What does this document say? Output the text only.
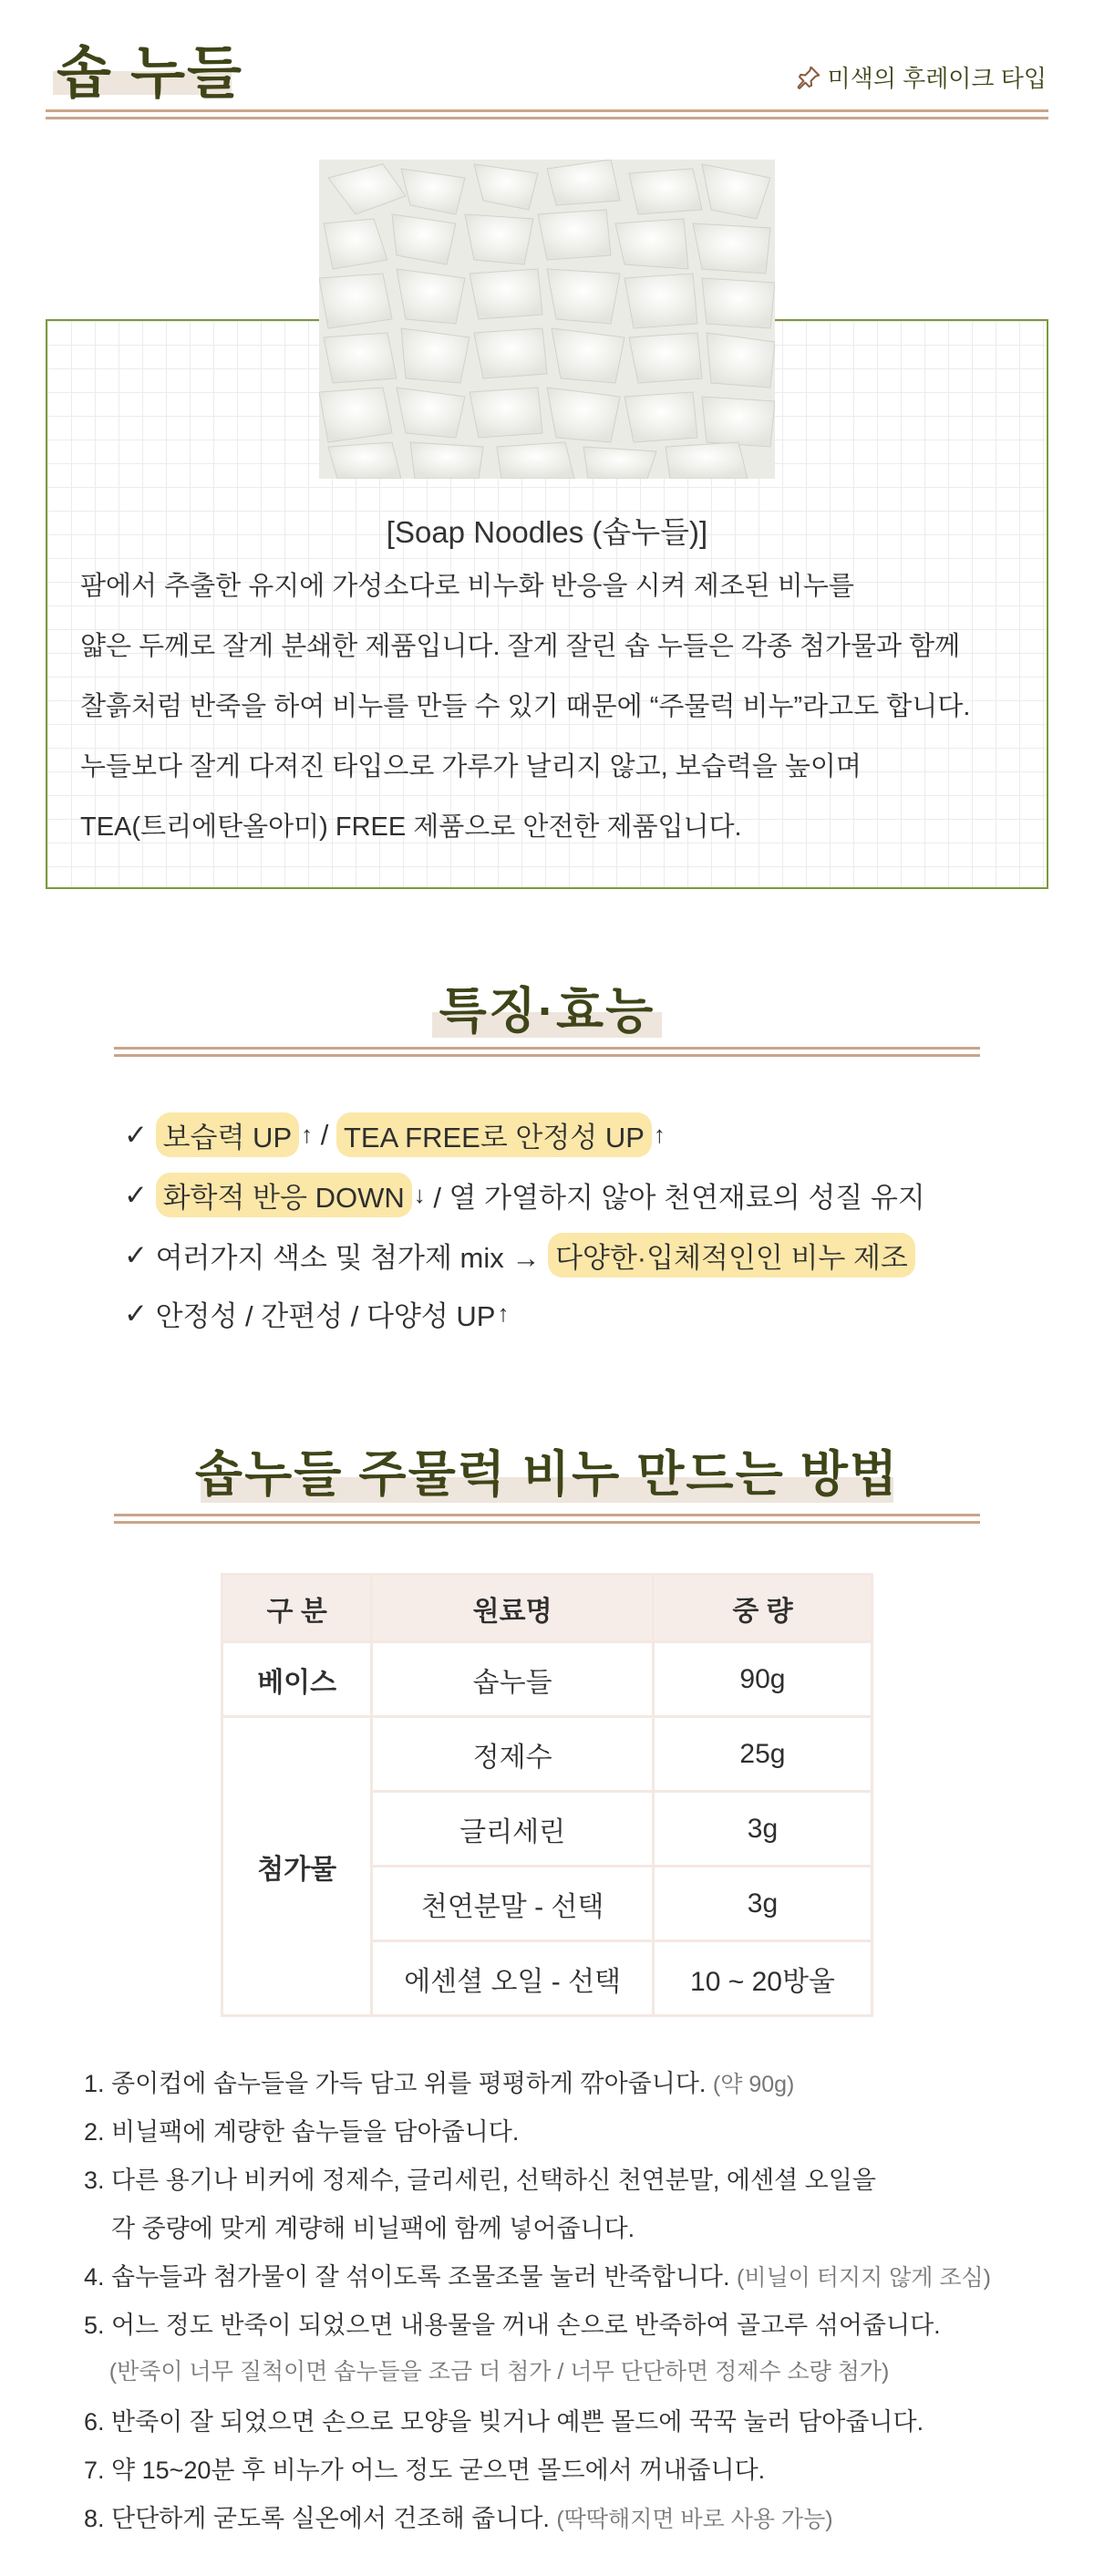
솝 누들	미색의 후레이크 타입
[Soap Noodles (솝누들)]
팜에서 추출한 유지에 가성소다로 비누화 반응을 시켜 제조된 비누를
얇은 두께로 잘게 분쇄한 제품입니다. 잘게 잘린 솝 누들은 각종 첨가물과 함께
찰흙처럼 반죽을 하여 비누를 만들 수 있기 때문에 “주물럭 비누”라고도 합니다.
누들보다 잘게 다져진 타입으로 가루가 날리지 않고, 보습력을 높이며
TEA(트리에탄올아미) FREE 제품으로 안전한 제품입니다.
특징·효능
✓
보습력 UP ↑ / TEA FREE로 안정성 UP ↑
✓
화학적 반응 DOWN ↓ / 열 가열하지 않아 천연재료의 성질 유지
✓
여러가지 색소 및 첨가제 mix → 다양한·입체적인인 비누 제조
✓
안정성 / 간편성 / 다양성 UP ↑
솝누들 주물럭 비누 만드는 방법
구 분	원료명	중 량
베이스	솝누들	90g
첨가물	정제수	25g
	글리세린	3g
	천연분말 - 선택	3g
	에센셜 오일 - 선택	10 ~ 20방울
1. 종이컵에 솝누들을 가득 담고 위를 평평하게 깎아줍니다. (약 90g)
2. 비닐팩에 계량한 솝누들을 담아줍니다.
3. 다른 용기나 비커에 정제수, 글리세린, 선택하신 천연분말, 에센셜 오일을
각 중량에 맞게 계량해 비닐팩에 함께 넣어줍니다.
4. 솝누들과 첨가물이 잘 섞이도록 조물조물 눌러 반죽합니다. (비닐이 터지지 않게 조심)
5. 어느 정도 반죽이 되었으면 내용물을 꺼내 손으로 반죽하여 골고루 섞어줍니다.
(반죽이 너무 질척이면 솝누들을 조금 더 첨가 / 너무 단단하면 정제수 소량 첨가)
6. 반죽이 잘 되었으면 손으로 모양을 빚거나 예쁜 몰드에 꾹꾹 눌러 담아줍니다.
7. 약 15~20분 후 비누가 어느 정도 굳으면 몰드에서 꺼내줍니다.
8. 단단하게 굳도록 실온에서 건조해 줍니다. (딱딱해지면 바로 사용 가능)
